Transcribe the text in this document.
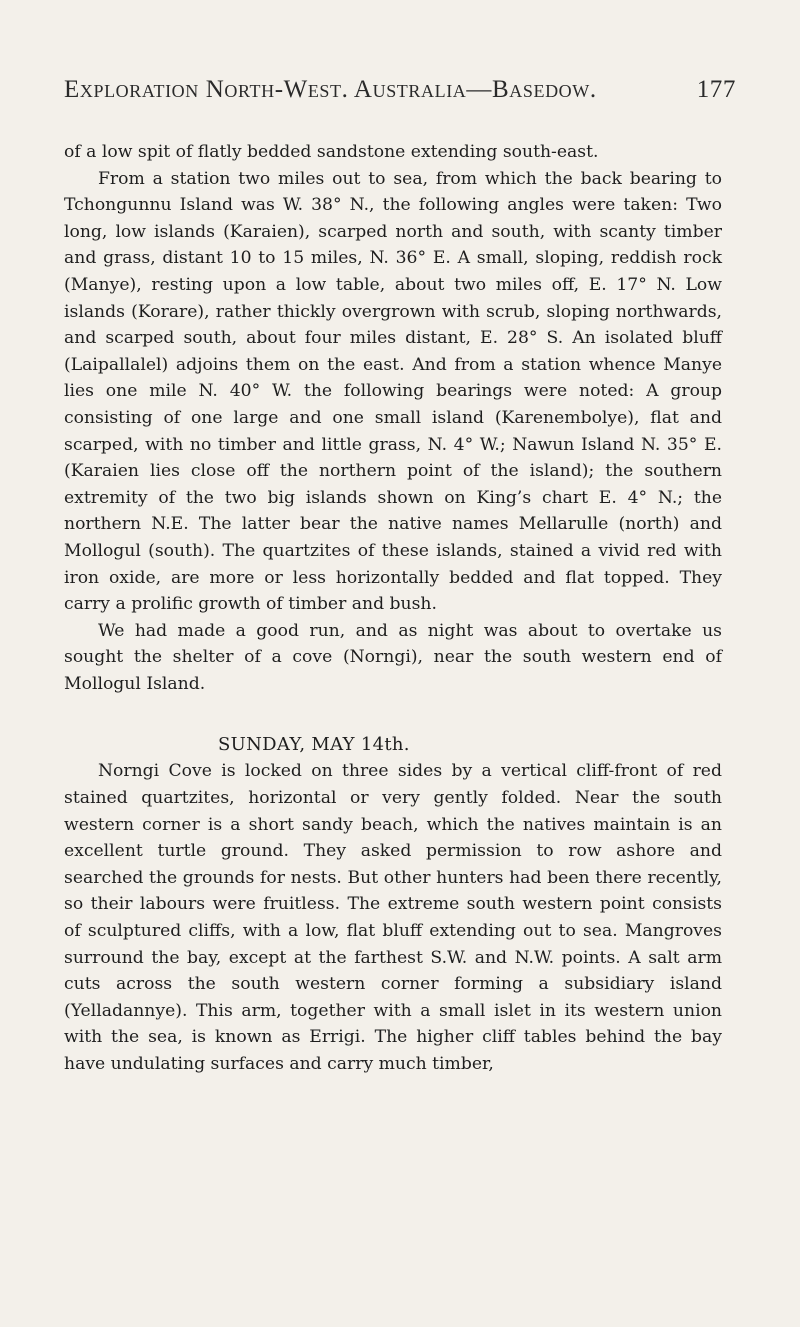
Exploration North-West. Australia—Basedow.	177

of a low spit of flatly bedded sandstone extending south-east.

From a station two miles out to sea, from which the back bearing to Tchongunnu Island was W. 38° N., the following angles were taken: Two long, low islands (Karaien), scarped north and south, with scanty timber and grass, distant 10 to 15 miles, N. 36° E. A small, sloping, reddish rock (Manye), resting upon a low table, about two miles off, E. 17° N. Low islands (Korare), rather thickly overgrown with scrub, sloping northwards, and scarped south, about four miles distant, E. 28° S. An isolated bluff (Laipallalel) adjoins them on the east. And from a station whence Manye lies one mile N. 40° W. the following bearings were noted: A group consisting of one large and one small island (Karenembolye), flat and scarped, with no timber and little grass, N. 4° W.; Nawun Island N. 35° E. (Karaien lies close off the northern point of the island); the southern extremity of the two big islands shown on King’s chart E. 4° N.; the northern N.E. The latter bear the native names Mellarulle (north) and Mollogul (south). The quartzites of these islands, stained a vivid red with iron oxide, are more or less horizontally bedded and flat topped. They carry a prolific growth of timber and bush.

We had made a good run, and as night was about to overtake us sought the shelter of a cove (Norngi), near the south western end of Mollogul Island.

SUNDAY, MAY 14th.

Norngi Cove is locked on three sides by a vertical cliff-front of red stained quartzites, horizontal or very gently folded. Near the south western corner is a short sandy beach, which the natives maintain is an excellent turtle ground. They asked permission to row ashore and searched the grounds for nests. But other hunters had been there recently, so their labours were fruitless. The extreme south western point consists of sculptured cliffs, with a low, flat bluff extending out to sea. Mangroves surround the bay, except at the farthest S.W. and N.W. points. A salt arm cuts across the south western corner forming a subsidiary island (Yelladannye). This arm, together with a small islet in its western union with the sea, is known as Errigi. The higher cliff tables behind the bay have undulating surfaces and carry much timber,
